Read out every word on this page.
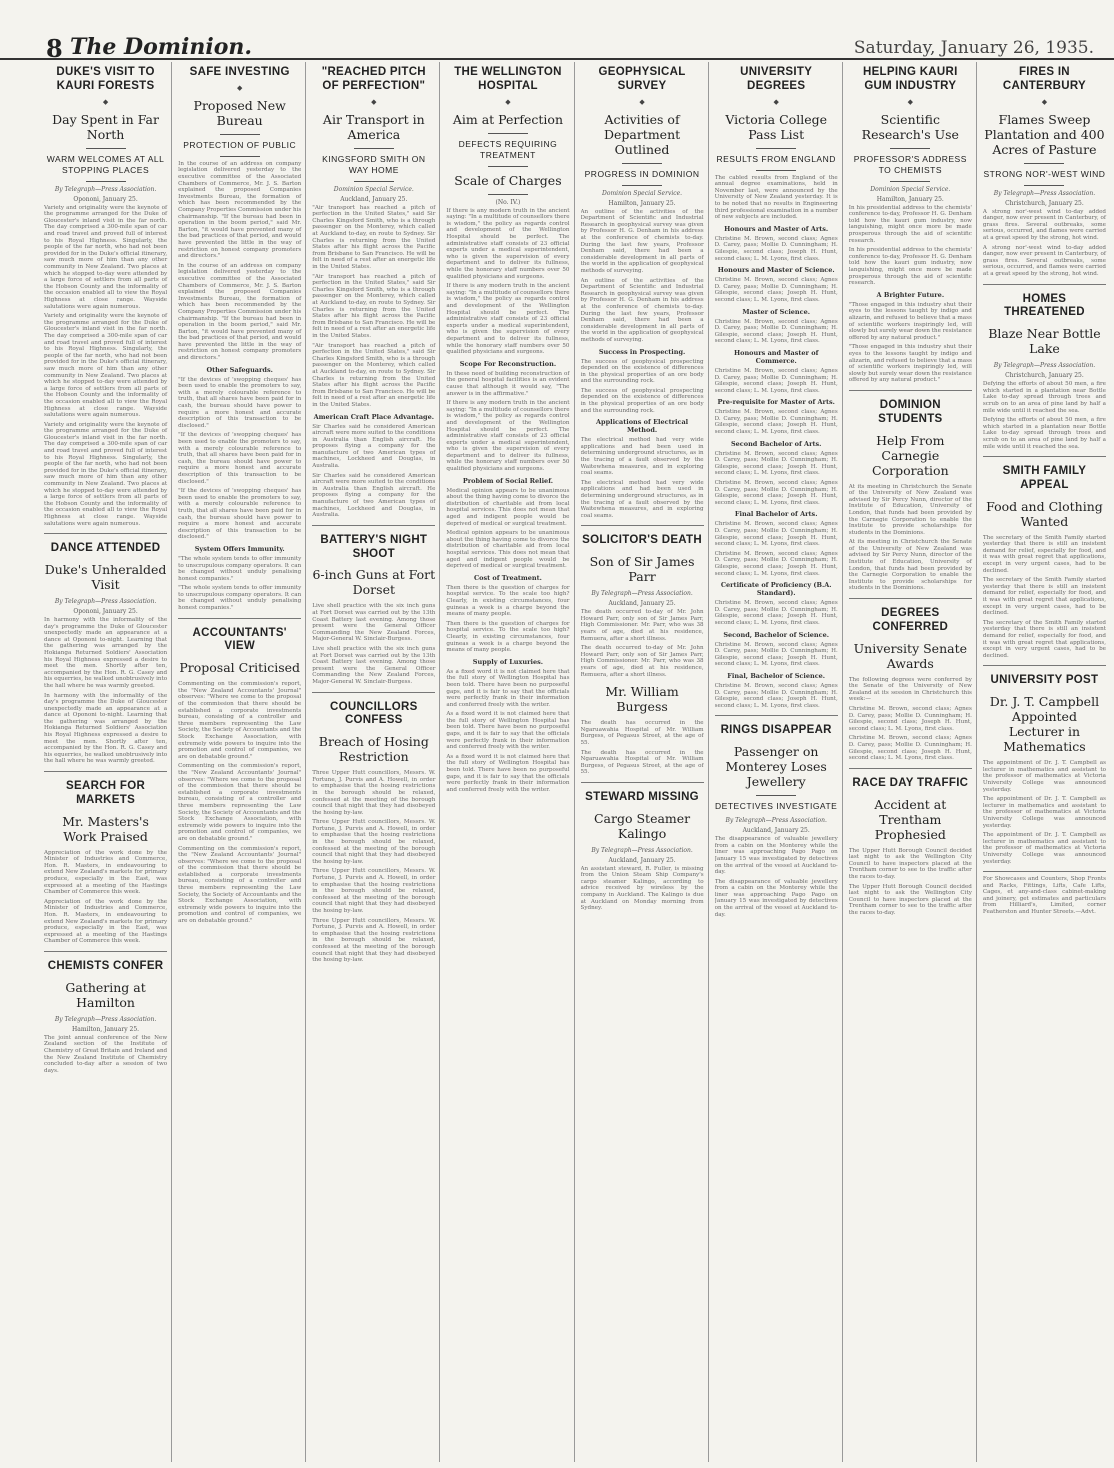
8 The Dominion.	Saturday, January 26, 1935.
DUKE'S VISIT TO KAURI FORESTS
◆
Day Spent in Far North
WARM WELCOMES AT ALL STOPPING PLACES
By Telegraph—Press Association.
Opononi, January 25.

Variety and originality were the keynote of the programme arranged for the Duke of Gloucester's inland visit in the far north. The day comprised a 300-mile span of car and road travel and proved full of interest to his Royal Highness. Singularly, the people of the far north, who had not been provided for in the Duke's official itinerary, saw much more of him than any other community in New Zealand. Two places at which he stopped to-day were attended by a large force of settlers from all parts of the Hobson County and the informality of the occasion enabled all to view the Royal Highness at close range. Wayside salutations were again numerous.

Variety and originality were the keynote of the programme arranged for the Duke of Gloucester's inland visit in the far north. The day comprised a 300-mile span of car and road travel and proved full of interest to his Royal Highness. Singularly, the people of the far north, who had not been provided for in the Duke's official itinerary, saw much more of him than any other community in New Zealand. Two places at which he stopped to-day were attended by a large force of settlers from all parts of the Hobson County and the informality of the occasion enabled all to view the Royal Highness at close range. Wayside salutations were again numerous.

Variety and originality were the keynote of the programme arranged for the Duke of Gloucester's inland visit in the far north. The day comprised a 300-mile span of car and road travel and proved full of interest to his Royal Highness. Singularly, the people of the far north, who had not been provided for in the Duke's official itinerary, saw much more of him than any other community in New Zealand. Two places at which he stopped to-day were attended by a large force of settlers from all parts of the Hobson County and the informality of the occasion enabled all to view the Royal Highness at close range. Wayside salutations were again numerous.

DANCE ATTENDED
Duke's Unheralded Visit
By Telegraph—Press Association.
Opononi, January 25.

In harmony with the informality of the day's programme the Duke of Gloucester unexpectedly made an appearance at a dance at Opononi to-night. Learning that the gathering was arranged by the Hokianga Returned Soldiers' Association his Royal Highness expressed a desire to meet the men. Shortly after ten, accompanied by the Hon. R. G. Casey and his equerries, he walked unobtrusively into the hall where he was warmly greeted.

In harmony with the informality of the day's programme the Duke of Gloucester unexpectedly made an appearance at a dance at Opononi to-night. Learning that the gathering was arranged by the Hokianga Returned Soldiers' Association his Royal Highness expressed a desire to meet the men. Shortly after ten, accompanied by the Hon. R. G. Casey and his equerries, he walked unobtrusively into the hall where he was warmly greeted.

SEARCH FOR MARKETS
Mr. Masters's Work Praised

Appreciation of the work done by the Minister of Industries and Commerce, Hon. R. Masters, in endeavouring to extend New Zealand's markets for primary produce, especially in the East, was expressed at a meeting of the Hastings Chamber of Commerce this week.

Appreciation of the work done by the Minister of Industries and Commerce, Hon. R. Masters, in endeavouring to extend New Zealand's markets for primary produce, especially in the East, was expressed at a meeting of the Hastings Chamber of Commerce this week.

CHEMISTS CONFER
Gathering at Hamilton
By Telegraph—Press Association.
Hamilton, January 25.

The joint annual conference of the New Zealand section of the Institute of Chemistry of Great Britain and Ireland and the New Zealand Institute of Chemistry concluded to-day after a session of two days.

SAFE INVESTING
◆
Proposed New Bureau
PROTECTION OF PUBLIC

In the course of an address on company legislation delivered yesterday to the executive committee of the Associated Chambers of Commerce, Mr. J. S. Barton explained the proposed Companies Investments Bureau, the formation of which has been recommended by the Company Properties Commission under his chairmanship. "If the bureau had been in operation in the boom period," said Mr. Barton, "it would have prevented many of the bad practices of that period, and would have prevented the little in the way of restriction on honest company promoters and directors."

In the course of an address on company legislation delivered yesterday to the executive committee of the Associated Chambers of Commerce, Mr. J. S. Barton explained the proposed Companies Investments Bureau, the formation of which has been recommended by the Company Properties Commission under his chairmanship. "If the bureau had been in operation in the boom period," said Mr. Barton, "it would have prevented many of the bad practices of that period, and would have prevented the little in the way of restriction on honest company promoters and directors."

Other Safeguards.

"If the devices of 'swopping cheques' has been used to enable the promoters to say, with a merely colourable reference to truth, that all shares have been paid for in cash, the bureau should have power to require a more honest and accurate description of this transaction to be disclosed."

"If the devices of 'swopping cheques' has been used to enable the promoters to say, with a merely colourable reference to truth, that all shares have been paid for in cash, the bureau should have power to require a more honest and accurate description of this transaction to be disclosed."

"If the devices of 'swopping cheques' has been used to enable the promoters to say, with a merely colourable reference to truth, that all shares have been paid for in cash, the bureau should have power to require a more honest and accurate description of this transaction to be disclosed."

System Offers Immunity.

"The whole system tends to offer immunity to unscrupulous company operators. It can be changed without unduly penalising honest companies."

"The whole system tends to offer immunity to unscrupulous company operators. It can be changed without unduly penalising honest companies."

ACCOUNTANTS' VIEW
Proposal Criticised

Commenting on the commission's report, the "New Zealand Accountants' Journal" observes: "Where we come to the proposal of the commission that there should be established a corporate investments bureau, consisting of a controller and three members representing the Law Society, the Society of Accountants and the Stock Exchange Association, with extremely wide powers to inquire into the promotion and control of companies, we are on debatable ground."

Commenting on the commission's report, the "New Zealand Accountants' Journal" observes: "Where we come to the proposal of the commission that there should be established a corporate investments bureau, consisting of a controller and three members representing the Law Society, the Society of Accountants and the Stock Exchange Association, with extremely wide powers to inquire into the promotion and control of companies, we are on debatable ground."

Commenting on the commission's report, the "New Zealand Accountants' Journal" observes: "Where we come to the proposal of the commission that there should be established a corporate investments bureau, consisting of a controller and three members representing the Law Society, the Society of Accountants and the Stock Exchange Association, with extremely wide powers to inquire into the promotion and control of companies, we are on debatable ground."

"REACHED PITCH OF PERFECTION"
◆
Air Transport in America
KINGSFORD SMITH ON WAY HOME
Dominion Special Service.
Auckland, January 25.

"Air transport has reached a pitch of perfection in the United States," said Sir Charles Kingsford Smith, who is a through passenger on the Monterey, which called at Auckland to-day, en route to Sydney. Sir Charles is returning from the United States after his flight across the Pacific from Brisbane to San Francisco. He will be felt in need of a rest after an energetic life in the United States.

"Air transport has reached a pitch of perfection in the United States," said Sir Charles Kingsford Smith, who is a through passenger on the Monterey, which called at Auckland to-day, en route to Sydney. Sir Charles is returning from the United States after his flight across the Pacific from Brisbane to San Francisco. He will be felt in need of a rest after an energetic life in the United States.

"Air transport has reached a pitch of perfection in the United States," said Sir Charles Kingsford Smith, who is a through passenger on the Monterey, which called at Auckland to-day, en route to Sydney. Sir Charles is returning from the United States after his flight across the Pacific from Brisbane to San Francisco. He will be felt in need of a rest after an energetic life in the United States.

American Craft Place Advantage.

Sir Charles said he considered American aircraft were more suited to the conditions in Australia than English aircraft. He proposes flying a company for the manufacture of two American types of machines, Lockheed and Douglas, in Australia.

Sir Charles said he considered American aircraft were more suited to the conditions in Australia than English aircraft. He proposes flying a company for the manufacture of two American types of machines, Lockheed and Douglas, in Australia.

BATTERY'S NIGHT SHOOT
6-inch Guns at Fort Dorset

Live shell practice with the six inch guns at Fort Dorset was carried out by the 13th Coast Battery last evening. Among those present were the General Officer Commanding the New Zealand Forces, Major-General W. Sinclair-Burgess.

Live shell practice with the six inch guns at Fort Dorset was carried out by the 13th Coast Battery last evening. Among those present were the General Officer Commanding the New Zealand Forces, Major-General W. Sinclair-Burgess.

COUNCILLORS CONFESS
Breach of Hosing Restriction

Three Upper Hutt councillors, Messrs. W. Fortune, J. Purvis and A. Howell, in order to emphasise that the hosing restrictions in the borough should be relaxed, confessed at the meeting of the borough council that night that they had disobeyed the hosing by-law.

Three Upper Hutt councillors, Messrs. W. Fortune, J. Purvis and A. Howell, in order to emphasise that the hosing restrictions in the borough should be relaxed, confessed at the meeting of the borough council that night that they had disobeyed the hosing by-law.

Three Upper Hutt councillors, Messrs. W. Fortune, J. Purvis and A. Howell, in order to emphasise that the hosing restrictions in the borough should be relaxed, confessed at the meeting of the borough council that night that they had disobeyed the hosing by-law.

Three Upper Hutt councillors, Messrs. W. Fortune, J. Purvis and A. Howell, in order to emphasise that the hosing restrictions in the borough should be relaxed, confessed at the meeting of the borough council that night that they had disobeyed the hosing by-law.

THE WELLINGTON HOSPITAL
◆
Aim at Perfection
DEFECTS REQUIRING TREATMENT
Scale of Charges
(No. IV.)

If there is any modern truth in the ancient saying: "In a multitude of counsellors there is wisdom," the policy as regards control and development of the Wellington Hospital should be perfect. The administrative staff consists of 23 official experts under a medical superintendent, who is given the supervision of every department and to deliver its fullness, while the honorary staff numbers over 50 qualified physicians and surgeons.

If there is any modern truth in the ancient saying: "In a multitude of counsellors there is wisdom," the policy as regards control and development of the Wellington Hospital should be perfect. The administrative staff consists of 23 official experts under a medical superintendent, who is given the supervision of every department and to deliver its fullness, while the honorary staff numbers over 50 qualified physicians and surgeons.

Scope For Reconstruction.

In these need of building reconstruction of the general hospital facilities is an evident cause that although it would say, "The answer is in the affirmative."

If there is any modern truth in the ancient saying: "In a multitude of counsellors there is wisdom," the policy as regards control and development of the Wellington Hospital should be perfect. The administrative staff consists of 23 official experts under a medical superintendent, who is given the supervision of every department and to deliver its fullness, while the honorary staff numbers over 50 qualified physicians and surgeons.

Problem of Social Relief.

Medical opinion appears to be unanimous about the thing having come to divorce the distribution of charitable aid from local hospital services. This does not mean that aged and indigent people would be deprived of medical or surgical treatment.

Medical opinion appears to be unanimous about the thing having come to divorce the distribution of charitable aid from local hospital services. This does not mean that aged and indigent people would be deprived of medical or surgical treatment.

Cost of Treatment.

Then there is the question of charges for hospital service. To the scale too high? Clearly, in existing circumstances, four guineas a week is a charge beyond the means of many people.

Then there is the question of charges for hospital service. To the scale too high? Clearly, in existing circumstances, four guineas a week is a charge beyond the means of many people.

Supply of Luxuries.

As a fixed word it is not claimed here that the full story of Wellington Hospital has been told. There have been no purposeful gaps, and it is fair to say that the officials were perfectly frank in their information and conferred freely with the writer.

As a fixed word it is not claimed here that the full story of Wellington Hospital has been told. There have been no purposeful gaps, and it is fair to say that the officials were perfectly frank in their information and conferred freely with the writer.

As a fixed word it is not claimed here that the full story of Wellington Hospital has been told. There have been no purposeful gaps, and it is fair to say that the officials were perfectly frank in their information and conferred freely with the writer.

GEOPHYSICAL SURVEY
◆
Activities of Department Outlined
PROGRESS IN DOMINION
Dominion Special Service.
Hamilton, January 25.

An outline of the activities of the Department of Scientific and Industrial Research in geophysical survey was given by Professor H. G. Denham in his address at the conference of chemists to-day. During the last few years, Professor Denham said, there had been a considerable development in all parts of the world in the application of geophysical methods of surveying.

An outline of the activities of the Department of Scientific and Industrial Research in geophysical survey was given by Professor H. G. Denham in his address at the conference of chemists to-day. During the last few years, Professor Denham said, there had been a considerable development in all parts of the world in the application of geophysical methods of surveying.

Success in Prospecting.

The success of geophysical prospecting depended on the existence of differences in the physical properties of an ore body and the surrounding rock.

The success of geophysical prospecting depended on the existence of differences in the physical properties of an ore body and the surrounding rock.

Applications of Electrical Method.

The electrical method had very wide applications and had been used in determining underground structures, as in the tracing of a fault observed by the Waitewhena measures, and in exploring coal seams.

The electrical method had very wide applications and had been used in determining underground structures, as in the tracing of a fault observed by the Waitewhena measures, and in exploring coal seams.

SOLICITOR'S DEATH
Son of Sir James Parr
By Telegraph—Press Association.
Auckland, January 25.

The death occurred to-day of Mr. John Howard Parr, only son of Sir James Parr, High Commissioner. Mr. Parr, who was 38 years of age, died at his residence, Remuera, after a short illness.

The death occurred to-day of Mr. John Howard Parr, only son of Sir James Parr, High Commissioner. Mr. Parr, who was 38 years of age, died at his residence, Remuera, after a short illness.

Mr. William Burgess

The death has occurred in the Ngaruawahia Hospital of Mr. William Burgess, of Pegasus Street, at the age of 55.

The death has occurred in the Ngaruawahia Hospital of Mr. William Burgess, of Pegasus Street, at the age of 55.

STEWARD MISSING
Cargo Steamer Kalingo
By Telegraph—Press Association.
Auckland, January 25.

An assistant steward, R. Fuller, is missing from the Union Steam Ship Company's cargo steamer Kalingo, according to advice received by wireless by the company in Auckland. The Kalingo is due at Auckland on Monday morning from Sydney.

UNIVERSITY DEGREES
◆
Victoria College Pass List
RESULTS FROM ENGLAND

The cabled results from England of the annual degree examinations, held in November last, were announced by the University of New Zealand yesterday. It is to be noted that no results in Engineering third professional examination in a number of new subjects are included.

Honours and Master of Arts.

Christine M. Brown, second class; Agnes D. Carey, pass; Mollie D. Cunningham; H. Gilespie, second class; Joseph H. Hunt, second class; L. M. Lyons, first class.

Honours and Master of Science.

Christine M. Brown, second class; Agnes D. Carey, pass; Mollie D. Cunningham; H. Gilespie, second class; Joseph H. Hunt, second class; L. M. Lyons, first class.

Master of Science.

Christine M. Brown, second class; Agnes D. Carey, pass; Mollie D. Cunningham; H. Gilespie, second class; Joseph H. Hunt, second class; L. M. Lyons, first class.

Honours and Master of Commerce.

Christine M. Brown, second class; Agnes D. Carey, pass; Mollie D. Cunningham; H. Gilespie, second class; Joseph H. Hunt, second class; L. M. Lyons, first class.

Pre-requisite for Master of Arts.

Christine M. Brown, second class; Agnes D. Carey, pass; Mollie D. Cunningham; H. Gilespie, second class; Joseph H. Hunt, second class; L. M. Lyons, first class.

Second Bachelor of Arts.

Christine M. Brown, second class; Agnes D. Carey, pass; Mollie D. Cunningham; H. Gilespie, second class; Joseph H. Hunt, second class; L. M. Lyons, first class.

Christine M. Brown, second class; Agnes D. Carey, pass; Mollie D. Cunningham; H. Gilespie, second class; Joseph H. Hunt, second class; L. M. Lyons, first class.

Final Bachelor of Arts.

Christine M. Brown, second class; Agnes D. Carey, pass; Mollie D. Cunningham; H. Gilespie, second class; Joseph H. Hunt, second class; L. M. Lyons, first class.

Christine M. Brown, second class; Agnes D. Carey, pass; Mollie D. Cunningham; H. Gilespie, second class; Joseph H. Hunt, second class; L. M. Lyons, first class.

Certificate of Proficiency (B.A. Standard).

Christine M. Brown, second class; Agnes D. Carey, pass; Mollie D. Cunningham; H. Gilespie, second class; Joseph H. Hunt, second class; L. M. Lyons, first class.

Second, Bachelor of Science.

Christine M. Brown, second class; Agnes D. Carey, pass; Mollie D. Cunningham; H. Gilespie, second class; Joseph H. Hunt, second class; L. M. Lyons, first class.

Final, Bachelor of Science.

Christine M. Brown, second class; Agnes D. Carey, pass; Mollie D. Cunningham; H. Gilespie, second class; Joseph H. Hunt, second class; L. M. Lyons, first class.

RINGS DISAPPEAR
Passenger on Monterey Loses Jewellery
DETECTIVES INVESTIGATE
By Telegraph—Press Association.
Auckland, January 25.

The disappearance of valuable jewellery from a cabin on the Monterey while the liner was approaching Pago Pago on January 15 was investigated by detectives on the arrival of the vessel at Auckland to-day.

The disappearance of valuable jewellery from a cabin on the Monterey while the liner was approaching Pago Pago on January 15 was investigated by detectives on the arrival of the vessel at Auckland to-day.

HELPING KAURI GUM INDUSTRY
◆
Scientific Research's Use
PROFESSOR'S ADDRESS TO CHEMISTS
Dominion Special Service.
Hamilton, January 25.

In his presidential address to the chemists' conference to-day, Professor H. G. Denham told how the kauri gum industry, now languishing, might once more be made prosperous through the aid of scientific research.

In his presidential address to the chemists' conference to-day, Professor H. G. Denham told how the kauri gum industry, now languishing, might once more be made prosperous through the aid of scientific research.

A Brighter Future.

"Those engaged in this industry shut their eyes to the lessons taught by indigo and alizarin, and refused to believe that a mass of scientific workers inspiringly led, will slowly but surely wear down the resistance offered by any natural product."

"Those engaged in this industry shut their eyes to the lessons taught by indigo and alizarin, and refused to believe that a mass of scientific workers inspiringly led, will slowly but surely wear down the resistance offered by any natural product."

DOMINION STUDENTS
Help From Carnegie Corporation

At its meeting in Christchurch the Senate of the University of New Zealand was advised by Sir Percy Nunn, director of the Institute of Education, University of London, that funds had been provided by the Carnegie Corporation to enable the Institute to provide scholarships for students in the Dominions.

At its meeting in Christchurch the Senate of the University of New Zealand was advised by Sir Percy Nunn, director of the Institute of Education, University of London, that funds had been provided by the Carnegie Corporation to enable the Institute to provide scholarships for students in the Dominions.

DEGREES CONFERRED
University Senate Awards

The following degrees were conferred by the Senate of the University of New Zealand at its session in Christchurch this week:—

Christine M. Brown, second class; Agnes D. Carey, pass; Mollie D. Cunningham; H. Gilespie, second class; Joseph H. Hunt, second class; L. M. Lyons, first class.

Christine M. Brown, second class; Agnes D. Carey, pass; Mollie D. Cunningham; H. Gilespie, second class; Joseph H. Hunt, second class; L. M. Lyons, first class.

RACE DAY TRAFFIC
Accident at Trentham Prophesied

The Upper Hutt Borough Council decided last night to ask the Wellington City Council to have inspectors placed at the Trentham corner to see to the traffic after the races to-day.

The Upper Hutt Borough Council decided last night to ask the Wellington City Council to have inspectors placed at the Trentham corner to see to the traffic after the races to-day.

FIRES IN CANTERBURY
◆
Flames Sweep Plantation and 400 Acres of Pasture
STRONG NOR'-WEST WIND
By Telegraph—Press Association.
Christchurch, January 25.

A strong nor'-west wind to-day added danger, now ever present in Canterbury, of grass fires. Several outbreaks, some serious, occurred, and flames were carried at a great speed by the strong, hot wind.

A strong nor'-west wind to-day added danger, now ever present in Canterbury, of grass fires. Several outbreaks, some serious, occurred, and flames were carried at a great speed by the strong, hot wind.

HOMES THREATENED
Blaze Near Bottle Lake
By Telegraph—Press Association.
Christchurch, January 25.

Defying the efforts of about 50 men, a fire which started in a plantation near Bottle Lake to-day spread through trees and scrub on to an area of pine land by half a mile wide until it reached the sea.

Defying the efforts of about 50 men, a fire which started in a plantation near Bottle Lake to-day spread through trees and scrub on to an area of pine land by half a mile wide until it reached the sea.

SMITH FAMILY APPEAL
Food and Clothing Wanted

The secretary of the Smith Family started yesterday that there is still an insistent demand for relief, especially for food, and it was with great regret that applications, except in very urgent cases, had to be declined.

The secretary of the Smith Family started yesterday that there is still an insistent demand for relief, especially for food, and it was with great regret that applications, except in very urgent cases, had to be declined.

The secretary of the Smith Family started yesterday that there is still an insistent demand for relief, especially for food, and it was with great regret that applications, except in very urgent cases, had to be declined.

UNIVERSITY POST
Dr. J. T. Campbell Appointed Lecturer in Mathematics

The appointment of Dr. J. T. Campbell as lecturer in mathematics and assistant to the professor of mathematics at Victoria University College was announced yesterday.

The appointment of Dr. J. T. Campbell as lecturer in mathematics and assistant to the professor of mathematics at Victoria University College was announced yesterday.

The appointment of Dr. J. T. Campbell as lecturer in mathematics and assistant to the professor of mathematics at Victoria University College was announced yesterday.

For Showcases and Counters, Shop Fronts and Racks, Fittings, Lifts, Cafe Lifts, Cages, et any-and-class cabinet-making and joinery, get estimates and particulars from Hilliard's, Limited, corner Featherston and Hunter Streets.—Advt.
